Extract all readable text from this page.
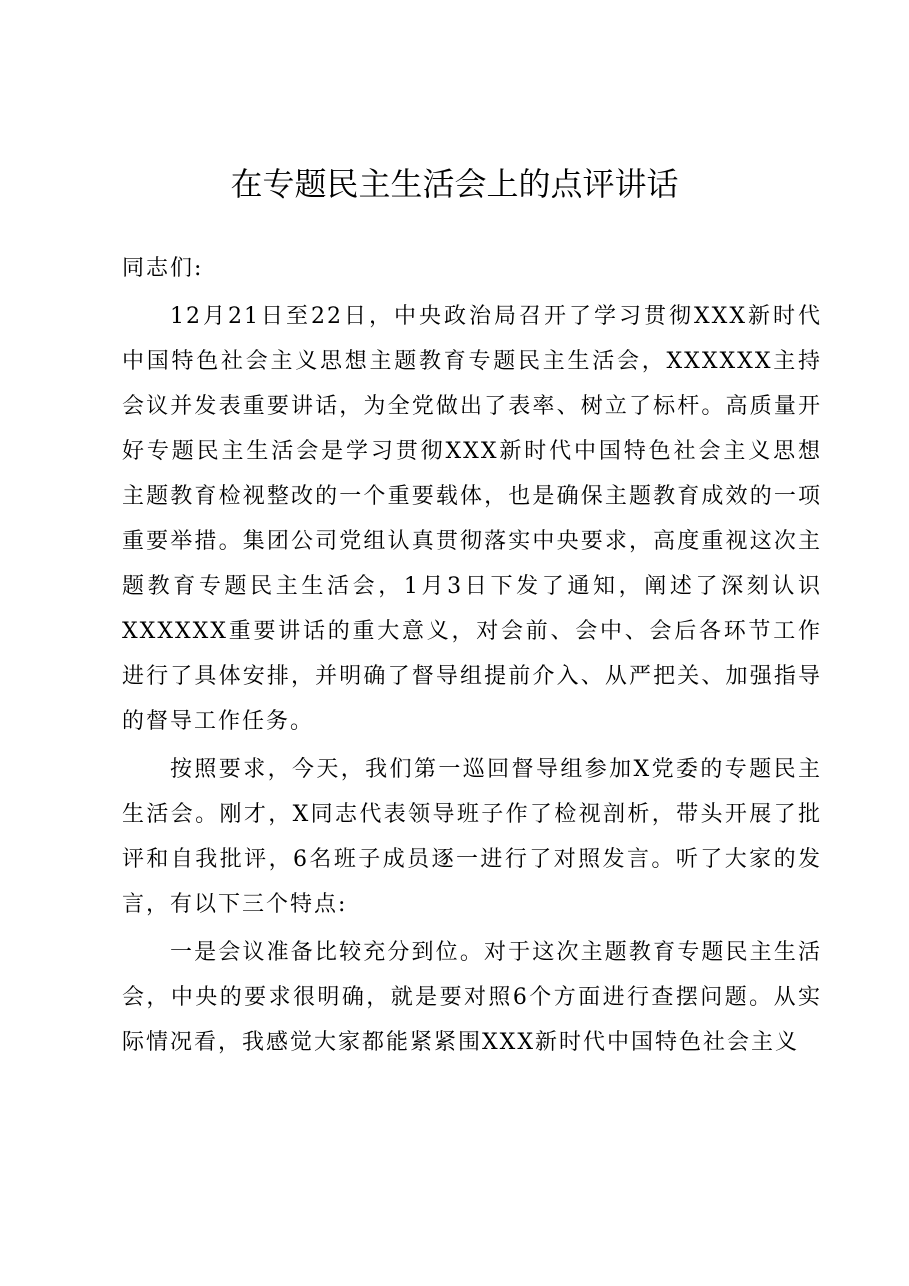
在专题民主生活会上的点评讲话

同志们:

12月21日至22日，中央政治局召开了学习贯彻XXX新时代中国特色社会主义思想主题教育专题民主生活会，XXXXXX主持会议并发表重要讲话，为全党做出了表率、树立了标杆。高质量开好专题民主生活会是学习贯彻XXX新时代中国特色社会主义思想主题教育检视整改的一个重要载体，也是确保主题教育成效的一项重要举措。集团公司党组认真贯彻落实中央要求，高度重视这次主题教育专题民主生活会，1月3日下发了通知，阐述了深刻认识XXXXXX重要讲话的重大意义，对会前、会中、会后各环节工作进行了具体安排，并明确了督导组提前介入、从严把关、加强指导的督导工作任务。

按照要求，今天，我们第一巡回督导组参加X党委的专题民主生活会。刚才，X同志代表领导班子作了检视剖析，带头开展了批评和自我批评，6名班子成员逐一进行了对照发言。听了大家的发言，有以下三个特点:

一是会议准备比较充分到位。对于这次主题教育专题民主生活会，中央的要求很明确，就是要对照6个方面进行查摆问题。从实际情况看，我感觉大家都能紧紧围XXX新时代中国特色社会主义
